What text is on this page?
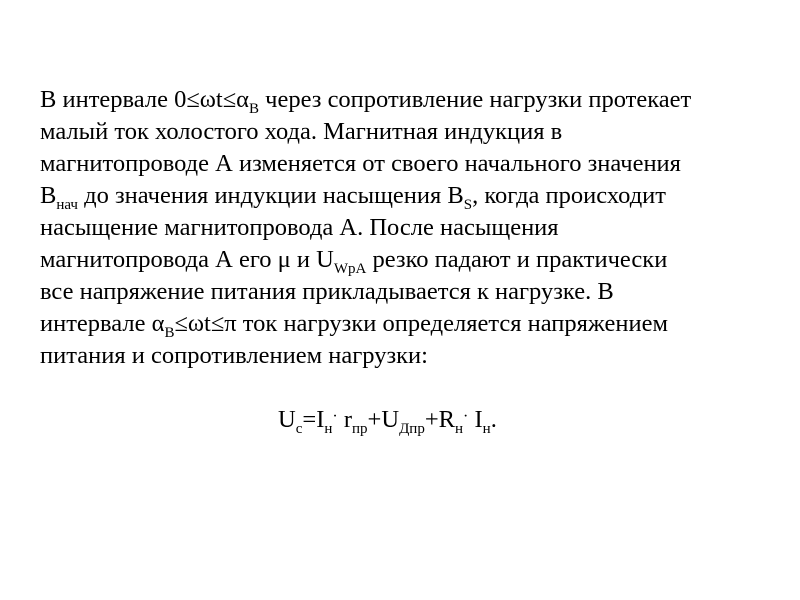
В интервале $0\le\omega t\le\alpha_В$ через сопротивление нагрузки протекает
малый ток холостого хода. Магнитная индукция в
магнитопроводе А изменяется от своего начального значения
$B_{нач}$ до значения индукции насыщения $B_S$, когда происходит
насыщение магнитопровода А. После насыщения
магнитопровода А его μ и $U_{WpA}$ резко падают и практически
все напряжение питания прикладывается к нагрузке. В
интервале $\alpha_В\le\omega t\le\pi$ ток нагрузки определяется напряжением
питания и сопротивлением нагрузки:

$U_c=I_н^\cdot$ $r_{пр}+U_{Дпр}+R_н^\cdot$ $I_н$.
